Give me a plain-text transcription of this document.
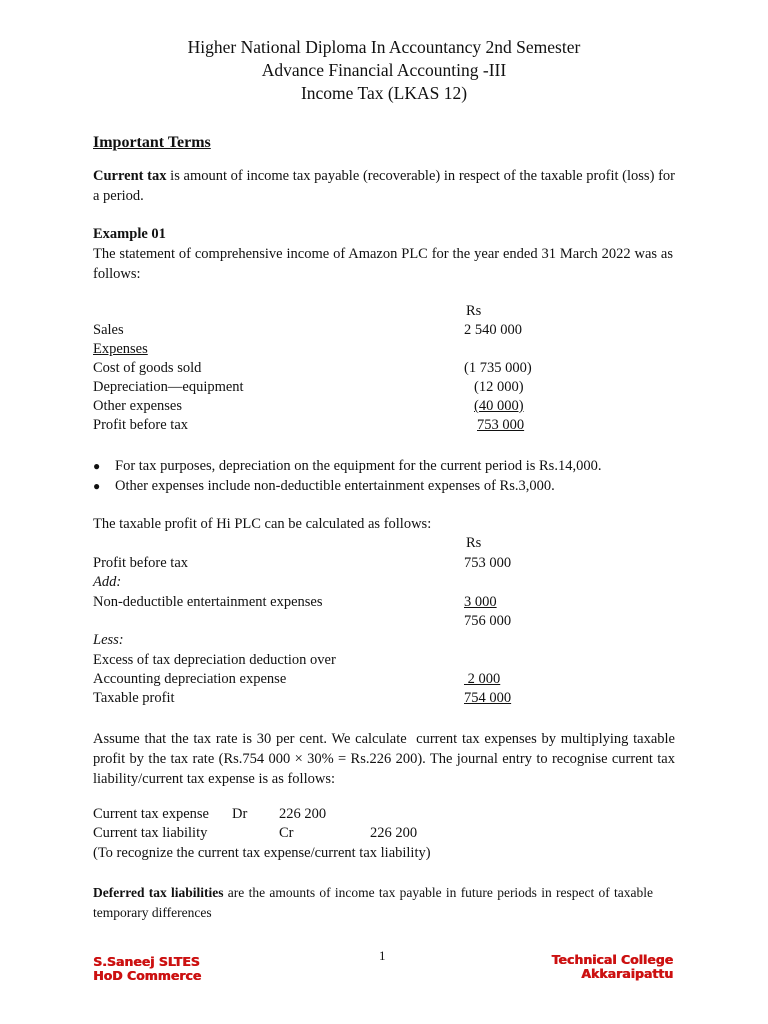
Higher National Diploma In Accountancy 2nd Semester
Advance Financial Accounting -III
Income Tax (LKAS 12)
Important Terms
Current tax is amount of income tax payable (recoverable) in respect of the taxable profit (loss) for a period.
Example 01
The statement of comprehensive income of Amazon PLC for the year ended 31 March 2022 was as follows:
Rs
Sales	2 540 000
Expenses
Cost of goods sold	(1 735 000)
Depreciation—equipment	(12 000)
Other expenses	(40 000)
Profit before tax	753 000
● For tax purposes, depreciation on the equipment for the current period is Rs.14,000.
● Other expenses include non-deductible entertainment expenses of Rs.3,000.
The taxable profit of Hi PLC can be calculated as follows:
Rs
Profit before tax	753 000
Add:
Non-deductible entertainment expenses	3 000
756 000
Less:
Excess of tax depreciation deduction over
Accounting depreciation expense	2 000
Taxable profit	754 000
Assume that the tax rate is 30 per cent. We calculate  current tax expenses by multiplying taxable profit by the tax rate (Rs.754 000 × 30% = Rs.226 200). The journal entry to recognise current tax liability/current tax expense is as follows:
Current tax expense Dr 226 200
Current tax liability	Cr	226 200
(To recognize the current tax expense/current tax liability)
Deferred tax liabilities are the amounts of income tax payable in future periods in respect of taxable temporary differences
S.Saneej SLTES
HoD Commerce
1	Technical College
Akkaraipattu
